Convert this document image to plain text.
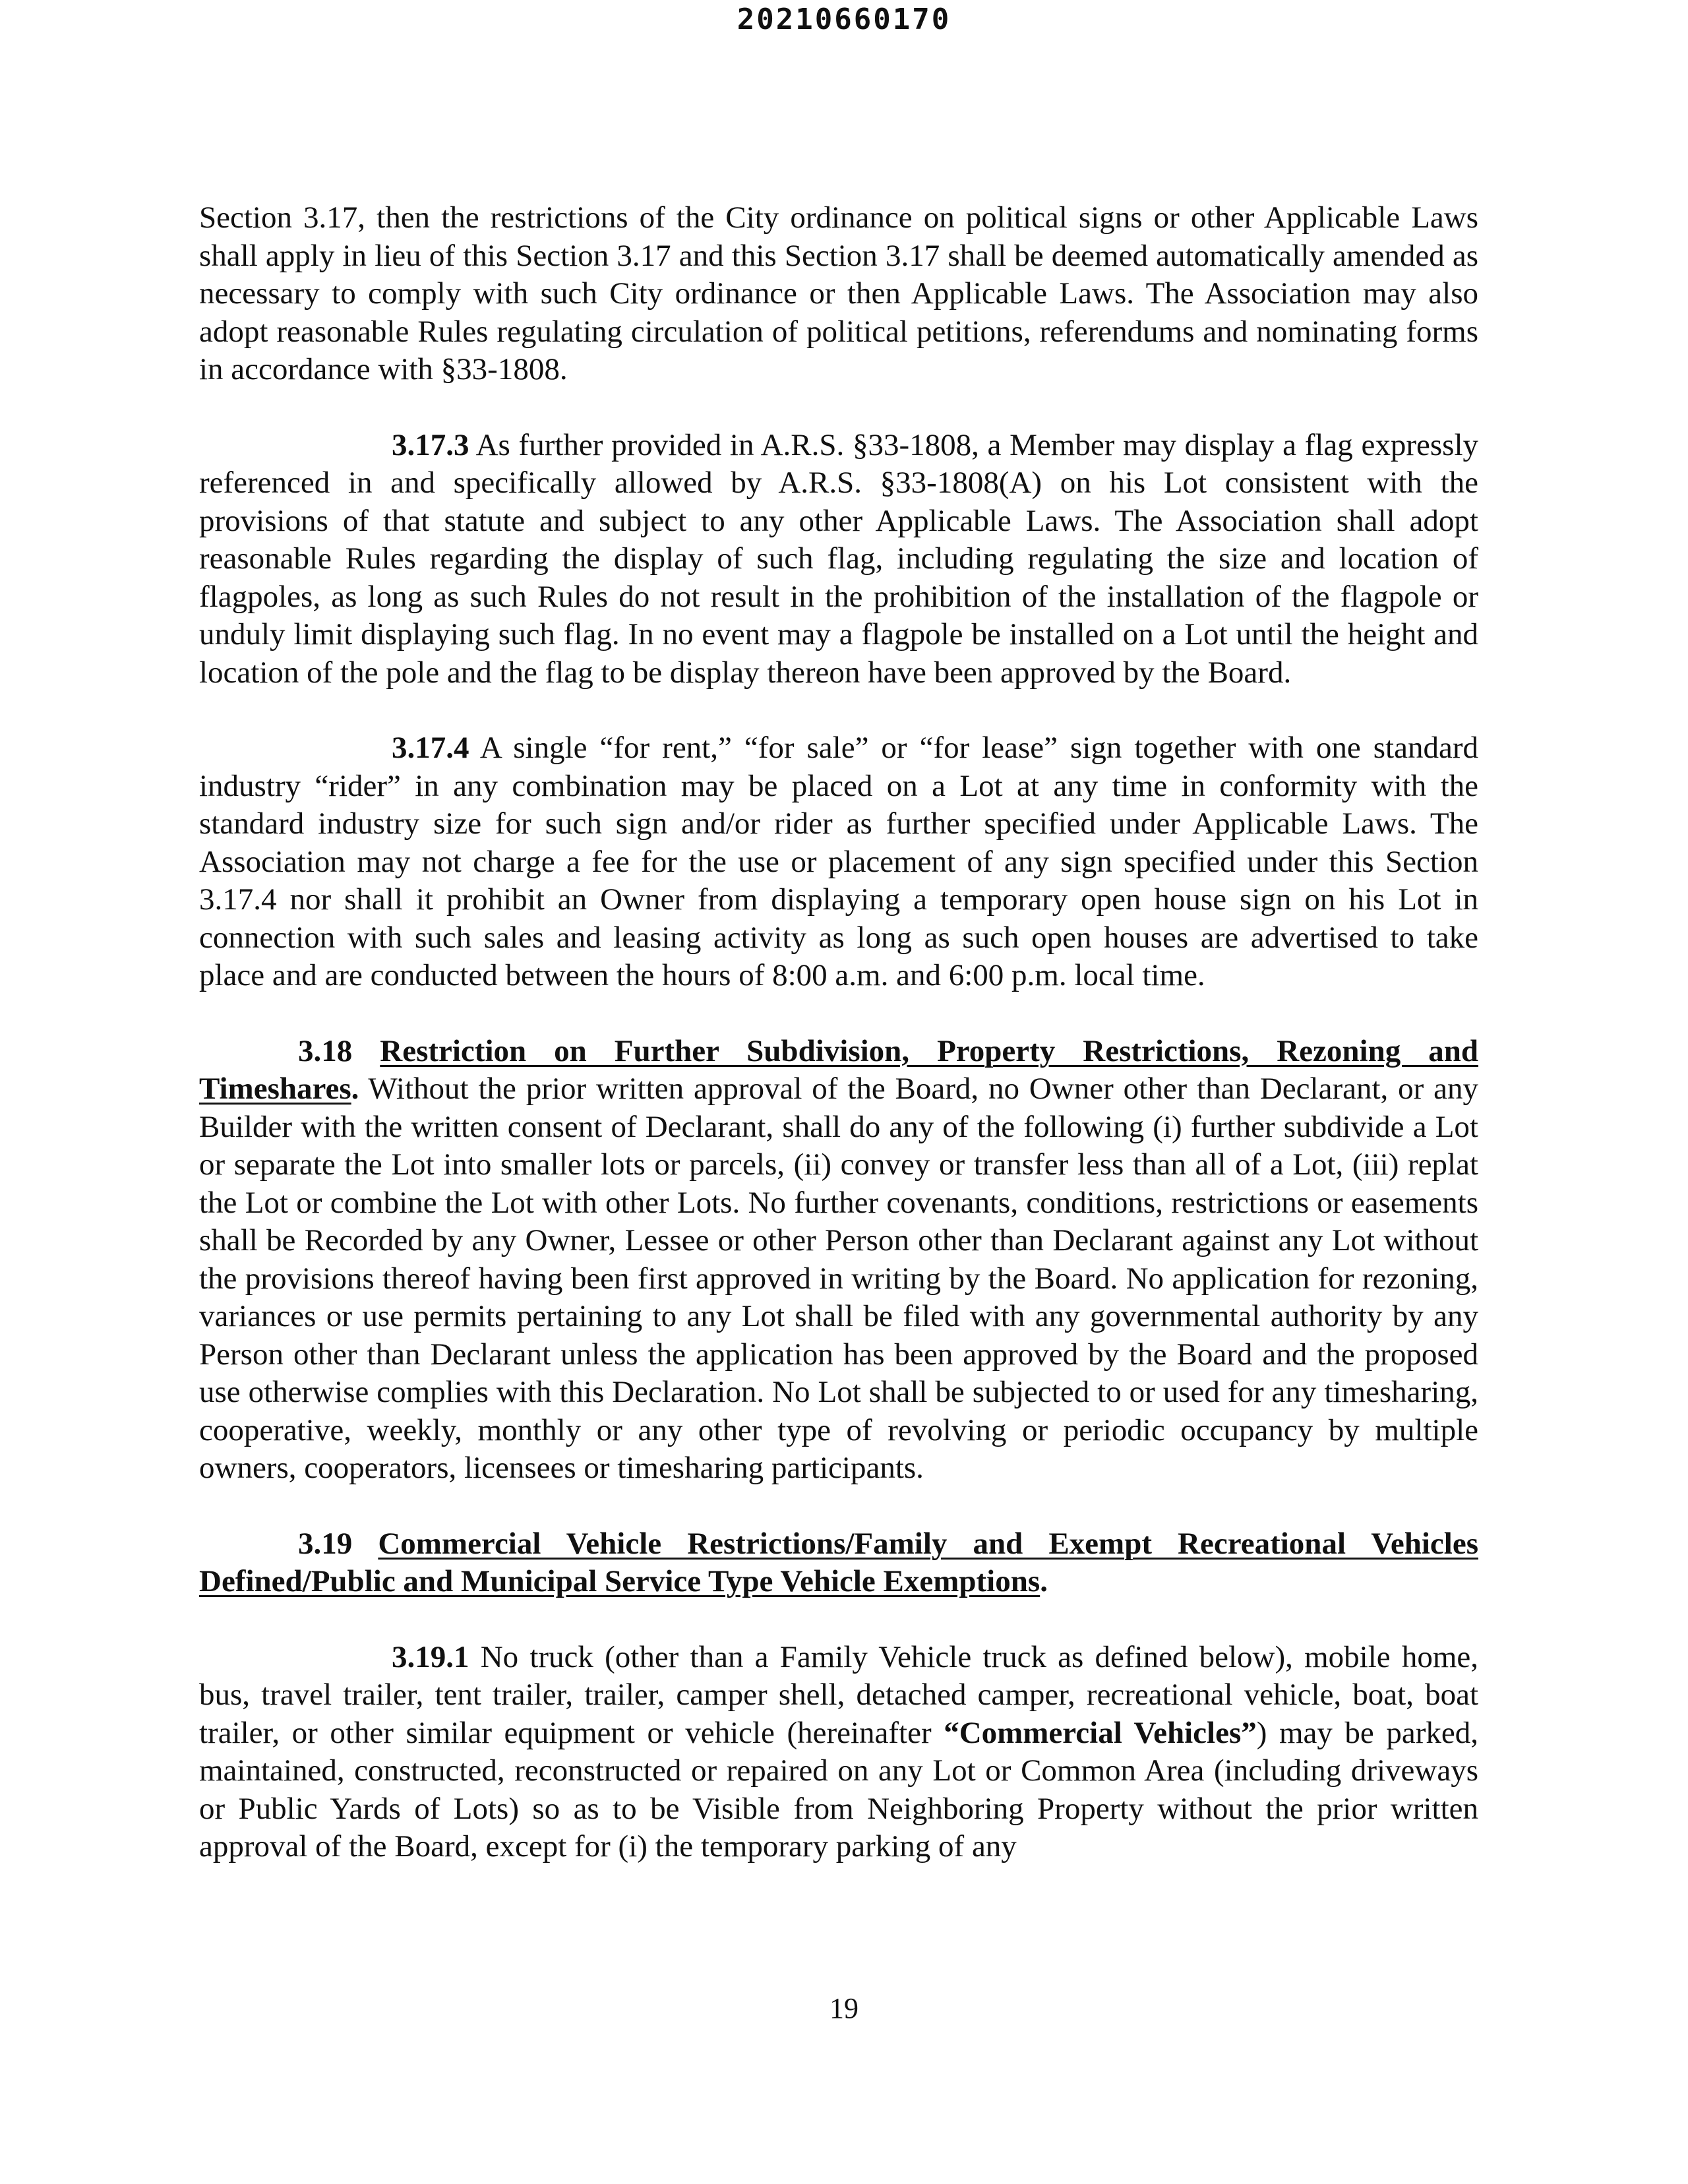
20210660170

Section 3.17, then the restrictions of the City ordinance on political signs or other Applicable Laws shall apply in lieu of this Section 3.17 and this Section 3.17 shall be deemed automatically amended as necessary to comply with such City ordinance or then Applicable Laws. The Association may also adopt reasonable Rules regulating circulation of political petitions, referendums and nominating forms in accordance with §33-1808.

3.17.3 As further provided in A.R.S. §33-1808, a Member may display a flag expressly referenced in and specifically allowed by A.R.S. §33-1808(A) on his Lot consistent with the provisions of that statute and subject to any other Applicable Laws. The Association shall adopt reasonable Rules regarding the display of such flag, including regulating the size and location of flagpoles, as long as such Rules do not result in the prohibition of the installation of the flagpole or unduly limit displaying such flag. In no event may a flagpole be installed on a Lot until the height and location of the pole and the flag to be display thereon have been approved by the Board.

3.17.4 A single “for rent,” “for sale” or “for lease” sign together with one standard industry “rider” in any combination may be placed on a Lot at any time in conformity with the standard industry size for such sign and/or rider as further specified under Applicable Laws. The Association may not charge a fee for the use or placement of any sign specified under this Section 3.17.4 nor shall it prohibit an Owner from displaying a temporary open house sign on his Lot in connection with such sales and leasing activity as long as such open houses are advertised to take place and are conducted between the hours of 8:00 a.m. and 6:00 p.m. local time.

3.18 Restriction on Further Subdivision, Property Restrictions, Rezoning and Timeshares. Without the prior written approval of the Board, no Owner other than Declarant, or any Builder with the written consent of Declarant, shall do any of the following (i) further subdivide a Lot or separate the Lot into smaller lots or parcels, (ii) convey or transfer less than all of a Lot, (iii) replat the Lot or combine the Lot with other Lots. No further covenants, conditions, restrictions or easements shall be Recorded by any Owner, Lessee or other Person other than Declarant against any Lot without the provisions thereof having been first approved in writing by the Board. No application for rezoning, variances or use permits pertaining to any Lot shall be filed with any governmental authority by any Person other than Declarant unless the application has been approved by the Board and the proposed use otherwise complies with this Declaration. No Lot shall be subjected to or used for any timesharing, cooperative, weekly, monthly or any other type of revolving or periodic occupancy by multiple owners, cooperators, licensees or timesharing participants.

3.19 Commercial Vehicle Restrictions/Family and Exempt Recreational Vehicles Defined/Public and Municipal Service Type Vehicle Exemptions.

3.19.1 No truck (other than a Family Vehicle truck as defined below), mobile home, bus, travel trailer, tent trailer, trailer, camper shell, detached camper, recreational vehicle, boat, boat trailer, or other similar equipment or vehicle (hereinafter “Commercial Vehicles”) may be parked, maintained, constructed, reconstructed or repaired on any Lot or Common Area (including driveways or Public Yards of Lots) so as to be Visible from Neighboring Property without the prior written approval of the Board, except for (i) the temporary parking of any

19
